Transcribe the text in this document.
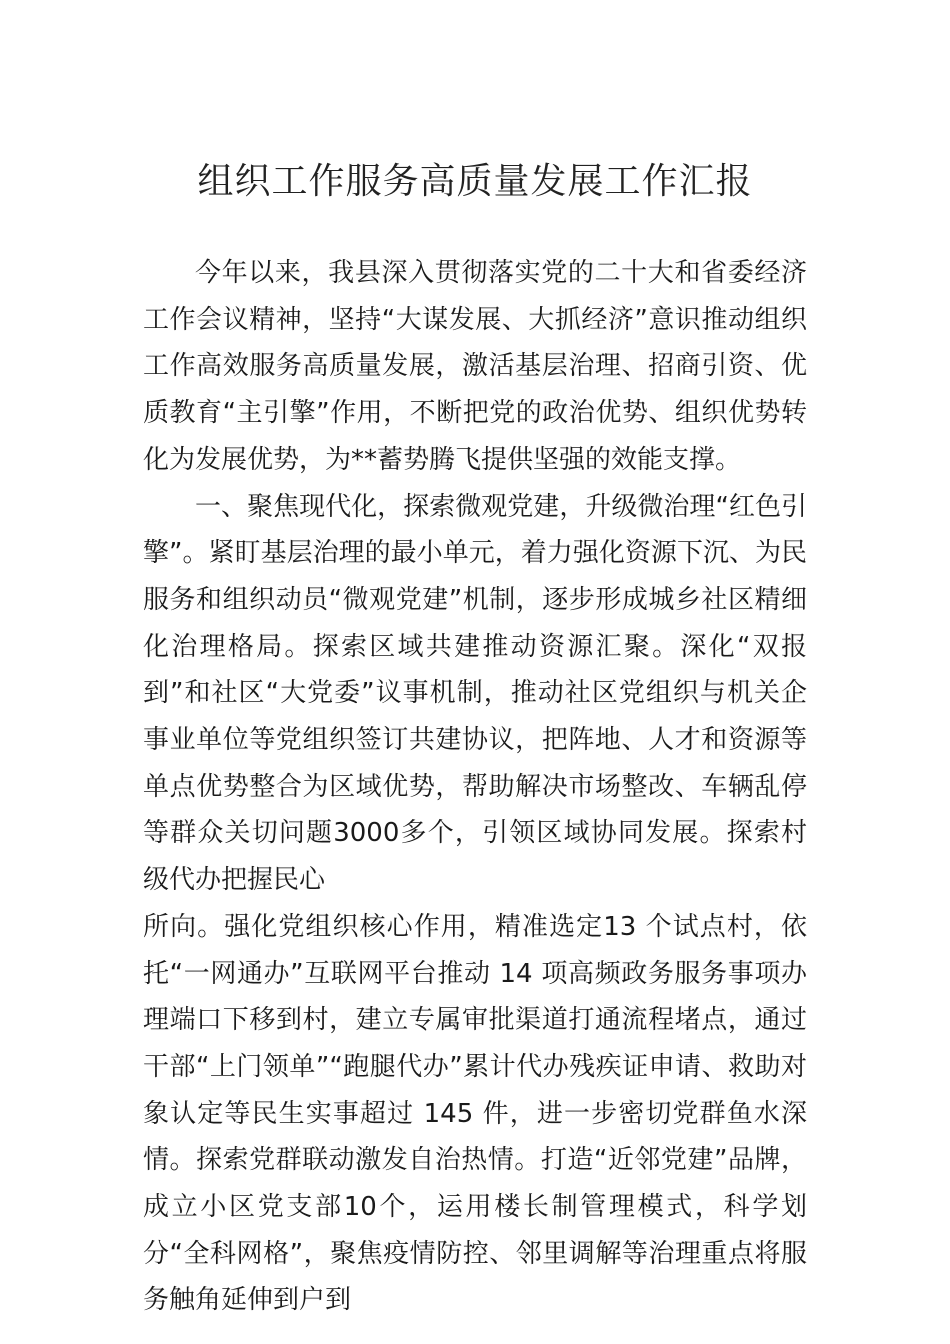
组织工作服务高质量发展工作汇报

今年以来，我县深入贯彻落实党的二十大和省委经济工作会议精神，坚持“大谋发展、大抓经济”意识推动组织工作高效服务高质量发展，激活基层治理、招商引资、优质教育“主引擎”作用，不断把党的政治优势、组织优势转化为发展优势，为**蓄势腾飞提供坚强的效能支撑。

一、聚焦现代化，探索微观党建，升级微治理“红色引擎”。紧盯基层治理的最小单元，着力强化资源下沉、为民服务和组织动员“微观党建”机制，逐步形成城乡社区精细化治理格局。探索区域共建推动资源汇聚。深化“双报到”和社区“大党委”议事机制，推动社区党组织与机关企事业单位等党组织签订共建协议，把阵地、人才和资源等单点优势整合为区域优势，帮助解决市场整改、车辆乱停等群众关切问题3000多个，引领区域协同发展。探索村级代办把握民心

所向。强化党组织核心作用，精准选定13 个试点村，依托“一网通办”互联网平台推动 14 项高频政务服务事项办理端口下移到村，建立专属审批渠道打通流程堵点，通过干部“上门领单”“跑腿代办”累计代办残疾证申请、救助对象认定等民生实事超过 145 件，进一步密切党群鱼水深情。探索党群联动激发自治热情。打造“近邻党建”品牌，成立小区党支部10个，运用楼长制管理模式，科学划分“全科网格”，聚焦疫情防控、邻里调解等治理重点将服务触角延伸到户到
